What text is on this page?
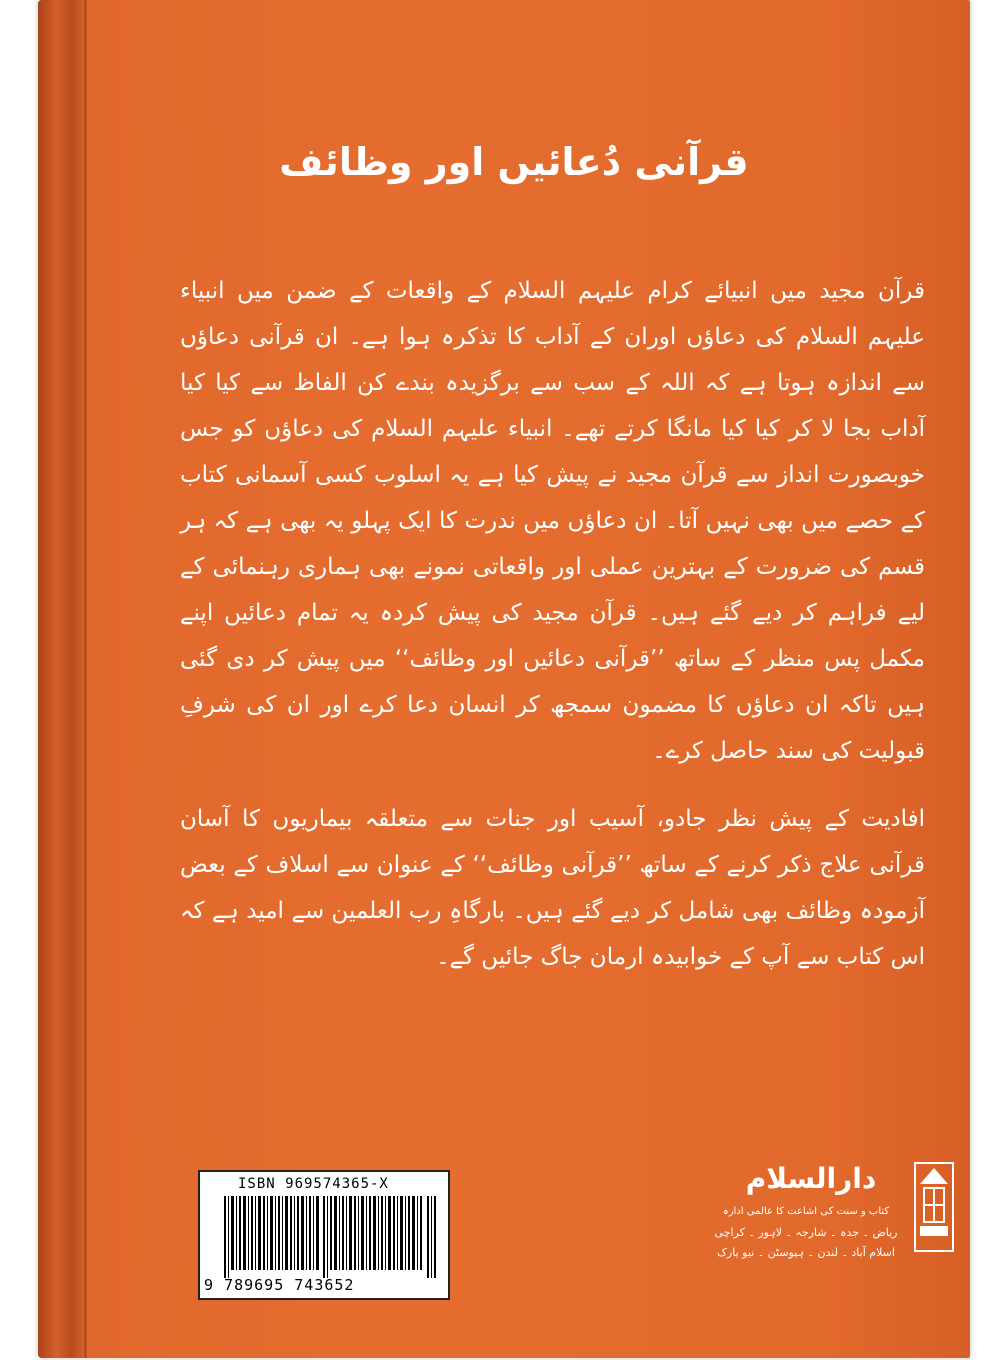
قرآنی دُعائیں اور وظائف

قرآن مجید میں انبیائے کرام علیہم السلام کے واقعات کے ضمن میں انبیاء علیہم السلام کی دعاؤں اوران کے آداب کا تذکرہ ہوا ہے۔ ان قرآنی دعاؤں سے اندازہ ہوتا ہے کہ اللہ کے سب سے برگزیدہ بندے کن الفاظ سے کیا کیا آداب بجا لا کر کیا کیا مانگا کرتے تھے۔ انبیاء علیہم السلام کی دعاؤں کو جس خوبصورت انداز سے قرآن مجید نے پیش کیا ہے یہ اسلوب کسی آسمانی کتاب کے حصے میں بھی نہیں آتا۔ ان دعاؤں میں ندرت کا ایک پہلو یہ بھی ہے کہ ہر قسم کی ضرورت کے بہترین عملی اور واقعاتی نمونے بھی ہماری رہنمائی کے لیے فراہم کر دیے گئے ہیں۔ قرآن مجید کی پیش کردہ یہ تمام دعائیں اپنے مکمل پس منظر کے ساتھ ’’قرآنی دعائیں اور وظائف‘‘ میں پیش کر دی گئی ہیں تاکہ ان دعاؤں کا مضمون سمجھ کر انسان دعا کرے اور ان کی شرفِ قبولیت کی سند حاصل کرے۔

افادیت کے پیش نظر جادو، آسیب اور جنات سے متعلقہ بیماریوں کا آسان قرآنی علاج ذکر کرنے کے ساتھ ’’قرآنی وظائف‘‘ کے عنوان سے اسلاف کے بعض آزمودہ وظائف بھی شامل کر دیے گئے ہیں۔ بارگاہِ رب العلمین سے امید ہے کہ اس کتاب سے آپ کے خوابیدہ ارمان جاگ جائیں گے۔

ISBN 969574365-X
9 789695 743652
دارالسلام
کتاب و سنت کی اشاعت کا عالمی ادارہ
ریاض ۔ جدہ ۔ شارجہ ۔ لاہور ۔ کراچی
اسلام آباد ۔ لندن ۔ ہیوسٹن ۔ نیو یارک
